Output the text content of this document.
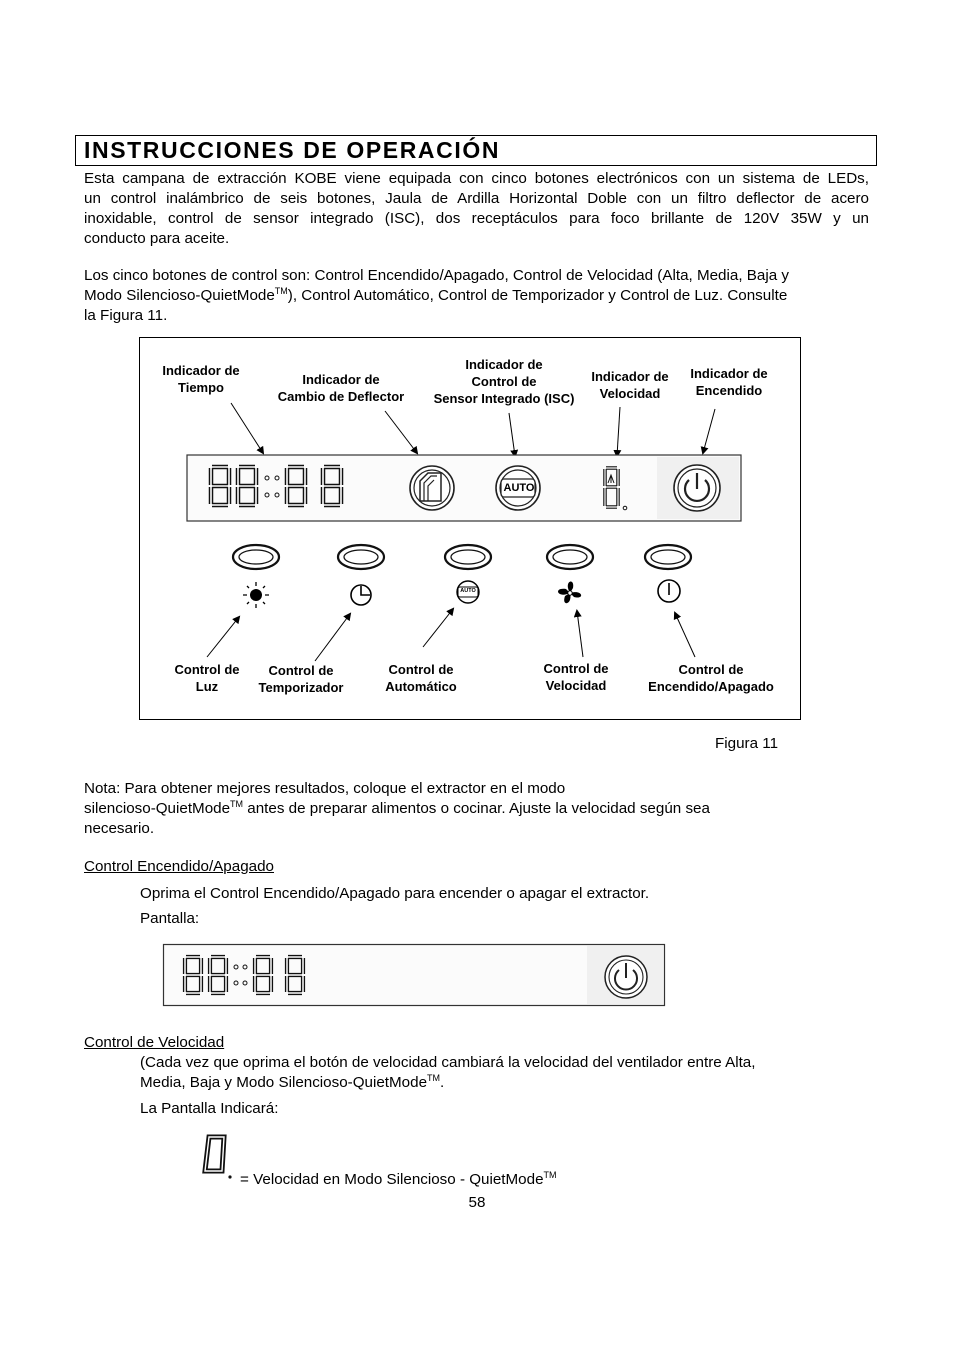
INSTRUCCIONES DE OPERACIÓN
Esta campana de extracción KOBE viene equipada con cinco botones electrónicos con un sistema de LEDs,
un control inalámbrico de seis botones, Jaula de Ardilla Horizontal Doble con un filtro deflector de acero
inoxidable, control de sensor integrado (ISC), dos receptáculos para foco brillante de 120V 35W y un
conducto para aceite.
Los cinco botones de control son: Control Encendido/Apagado, Control de Velocidad (Alta, Media, Baja y
Modo Silencioso-QuietMode™), Control Automático, Control de Temporizador y Control de Luz. Consulte
la Figura 11.
Indicador de
Tiempo
Indicador de
Cambio de Deflector
Indicador de
Control de
Sensor Integrado (ISC)
Indicador de
Velocidad
Indicador de
Encendido
Control de
Luz
Control de
Temporizador
Control de
Automático
Control de
Velocidad
Control de
Encendido/Apagado
AUTO
AUTO
Figura 11
Nota: Para obtener mejores resultados, coloque el extractor en el modo
silencioso-QuietMode™ antes de preparar alimentos o cocinar. Ajuste la velocidad según sea
necesario.
Control Encendido/Apagado
Oprima el Control Encendido/Apagado para encender o apagar el extractor.
Pantalla:
Control de Velocidad
(Cada vez que oprima el botón de velocidad cambiará la velocidad del ventilador entre Alta,
Media, Baja y Modo Silencioso-QuietMode™.
La Pantalla Indicará:
= Velocidad en Modo Silencioso - QuietMode™
58
